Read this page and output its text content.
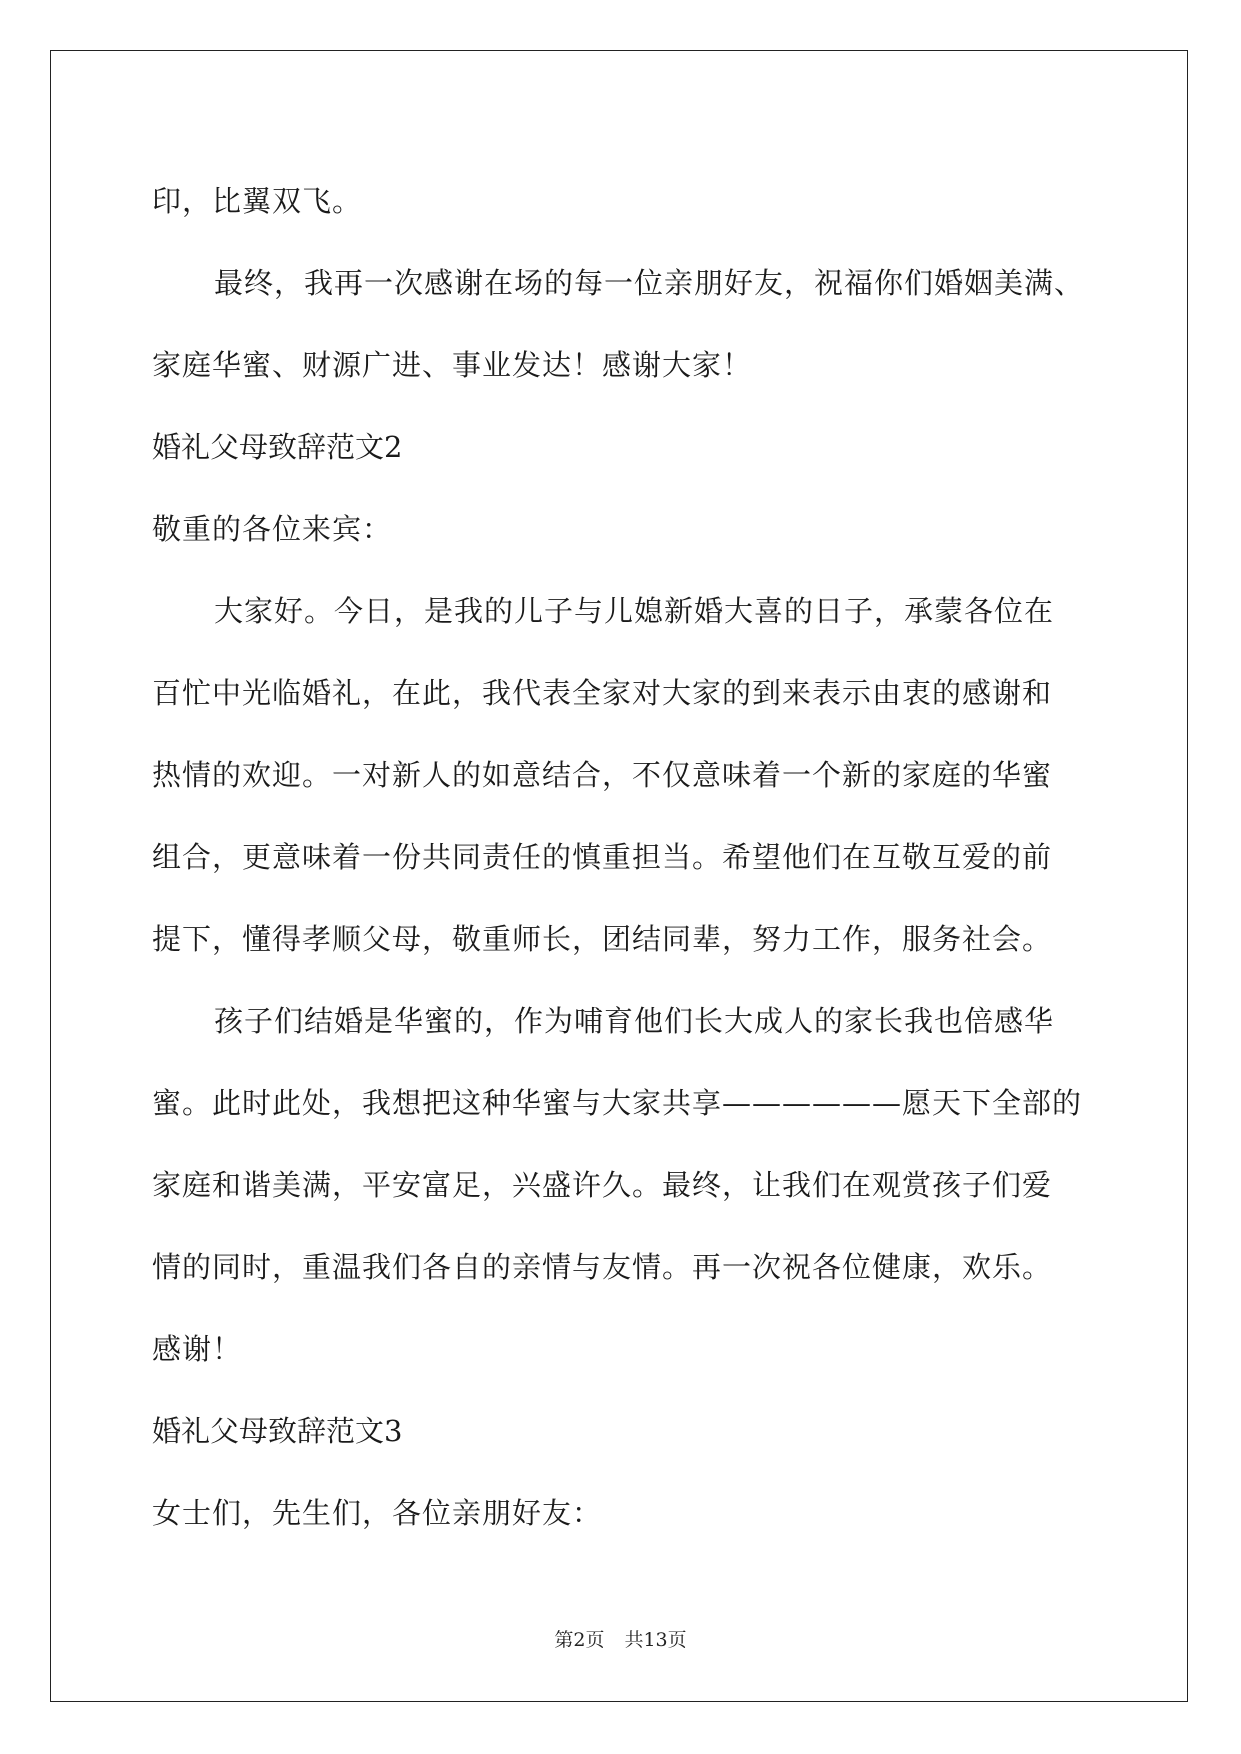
印，比翼双飞。
最终，我再一次感谢在场的每一位亲朋好友，祝福你们婚姻美满、
家庭华蜜、财源广进、事业发达！感谢大家！
婚礼父母致辞范文2
敬重的各位来宾：
大家好。今日，是我的儿子与儿媳新婚大喜的日子，承蒙各位在
百忙中光临婚礼，在此，我代表全家对大家的到来表示由衷的感谢和
热情的欢迎。一对新人的如意结合，不仅意味着一个新的家庭的华蜜
组合，更意味着一份共同责任的慎重担当。希望他们在互敬互爱的前
提下，懂得孝顺父母，敬重师长，团结同辈，努力工作，服务社会。
孩子们结婚是华蜜的，作为哺育他们长大成人的家长我也倍感华
蜜。此时此处，我想把这种华蜜与大家共享——————愿天下全部的
家庭和谐美满，平安富足，兴盛许久。最终，让我们在观赏孩子们爱
情的同时，重温我们各自的亲情与友情。再一次祝各位健康，欢乐。
感谢！
婚礼父母致辞范文3
女士们，先生们，各位亲朋好友：
第2页 共13页
